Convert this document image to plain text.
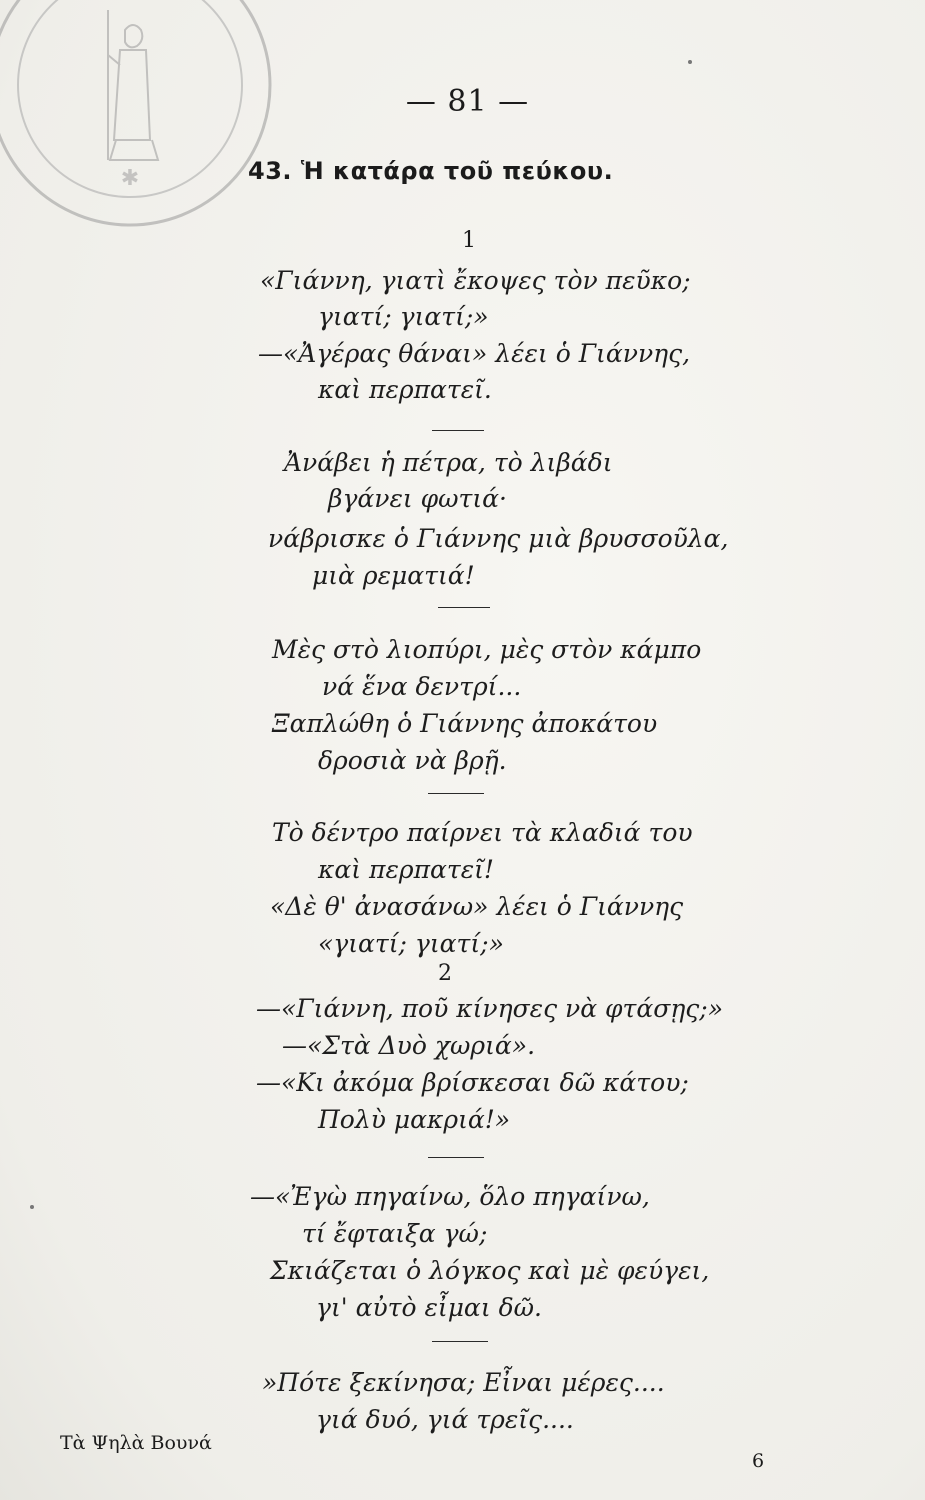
✱
— 81 —
43. Ἡ κατάρα τοῦ πεύκου.
1
«Γιάννη, γιατὶ ἔκοψες τὸν πεῦκο;
γιατί; γιατί;»
—«Ἀγέρας θάναι» λέει ὁ Γιάννης,
καὶ περπατεῖ.
Ἀνάβει ἡ πέτρα, τὸ λιβάδι
βγάνει φωτιά·
νάβρισκε ὁ Γιάννης μιὰ βρυσσοῦλα,
μιὰ ρεματιά!
Μὲς στὸ λιοπύρι, μὲς στὸν κάμπο
νά ἕνα δεντρί...
Ξαπλώθη ὁ Γιάννης ἀποκάτου
δροσιὰ νὰ βρῇ.
Τὸ δέντρο παίρνει τὰ κλαδιά του
καὶ περπατεῖ!
«Δὲ θ' ἀνασάνω» λέει ὁ Γιάννης
«γιατί; γιατί;»
2
—«Γιάννη, ποῦ κίνησες νὰ φτάσῃς;»
—«Στὰ Δυὸ χωριά».
—«Κι ἀκόμα βρίσκεσαι δῶ κάτου;
Πολὺ μακριά!»
—«Ἐγὼ πηγαίνω, ὅλο πηγαίνω,
τί ἔφταιξα γώ;
Σκιάζεται ὁ λόγκος καὶ μὲ φεύγει,
γι' αὐτὸ εἶμαι δῶ.
»Πότε ξεκίνησα; Εἶναι μέρες....
γιά δυό, γιά τρεῖς....
Τὰ Ψηλὰ Βουνά
6
